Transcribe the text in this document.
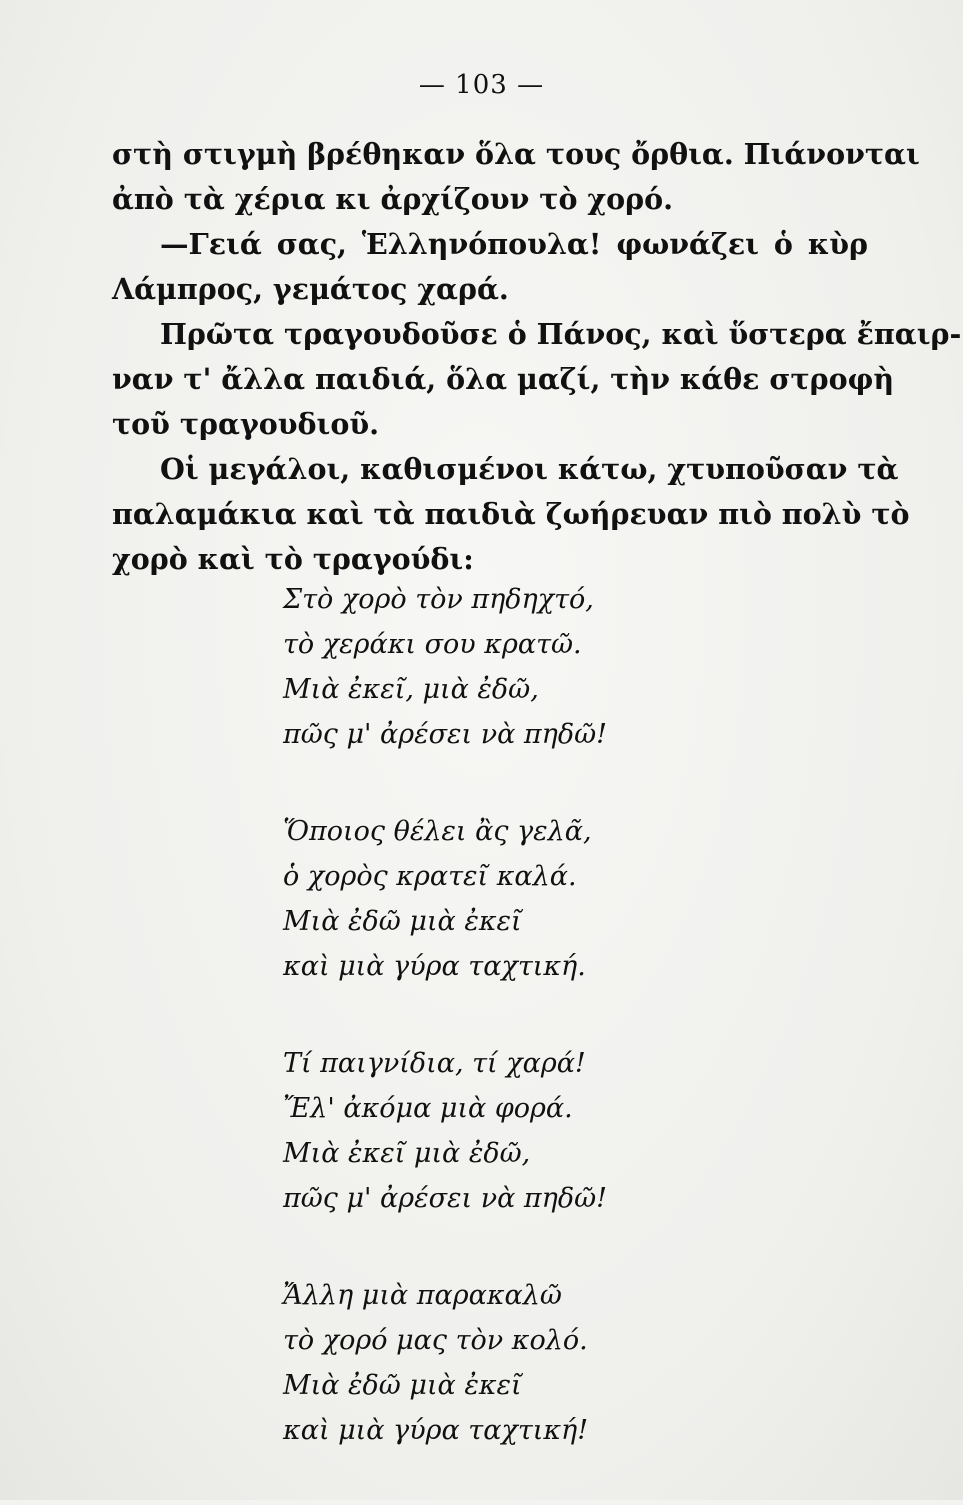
— 103 —
στὴ στιγμὴ βρέθηκαν ὅλα τους ὄρθια. Πιάνονται
ἀπὸ τὰ χέρια κι ἀρχίζουν τὸ χορό.
—Γειά σας, Ἑλληνόπουλα! φωνάζει ὁ κὺρ
Λάμπρος, γεμάτος χαρά.
Πρῶτα τραγουδοῦσε ὁ Πάνος, καὶ ὕστερα ἔπαιρ-
ναν τ' ἄλλα παιδιά, ὅλα μαζί, τὴν κάθε στροφὴ
τοῦ τραγουδιοῦ.
Οἱ μεγάλοι, καθισμένοι κάτω, χτυποῦσαν τὰ
παλαμάκια καὶ τὰ παιδιὰ ζωήρευαν πιὸ πολὺ τὸ
χορὸ καὶ τὸ τραγούδι:
Στὸ χορὸ τὸν πηδηχτό,
τὸ χεράκι σου κρατῶ.
Μιὰ ἐκεῖ, μιὰ ἐδῶ,
πῶς μ' ἀρέσει νὰ πηδῶ!
Ὅποιος θέλει ἂς γελᾶ,
ὁ χορὸς κρατεῖ καλά.
Μιὰ ἐδῶ μιὰ ἐκεῖ
καὶ μιὰ γύρα ταχτική.
Τί παιγνίδια, τί χαρά!
Ἔλ' ἀκόμα μιὰ φορά.
Μιὰ ἐκεῖ μιὰ ἐδῶ,
πῶς μ' ἀρέσει νὰ πηδῶ!
Ἄλλη μιὰ παρακαλῶ
τὸ χορό μας τὸν κολό.
Μιὰ ἐδῶ μιὰ ἐκεῖ
καὶ μιὰ γύρα ταχτική!
